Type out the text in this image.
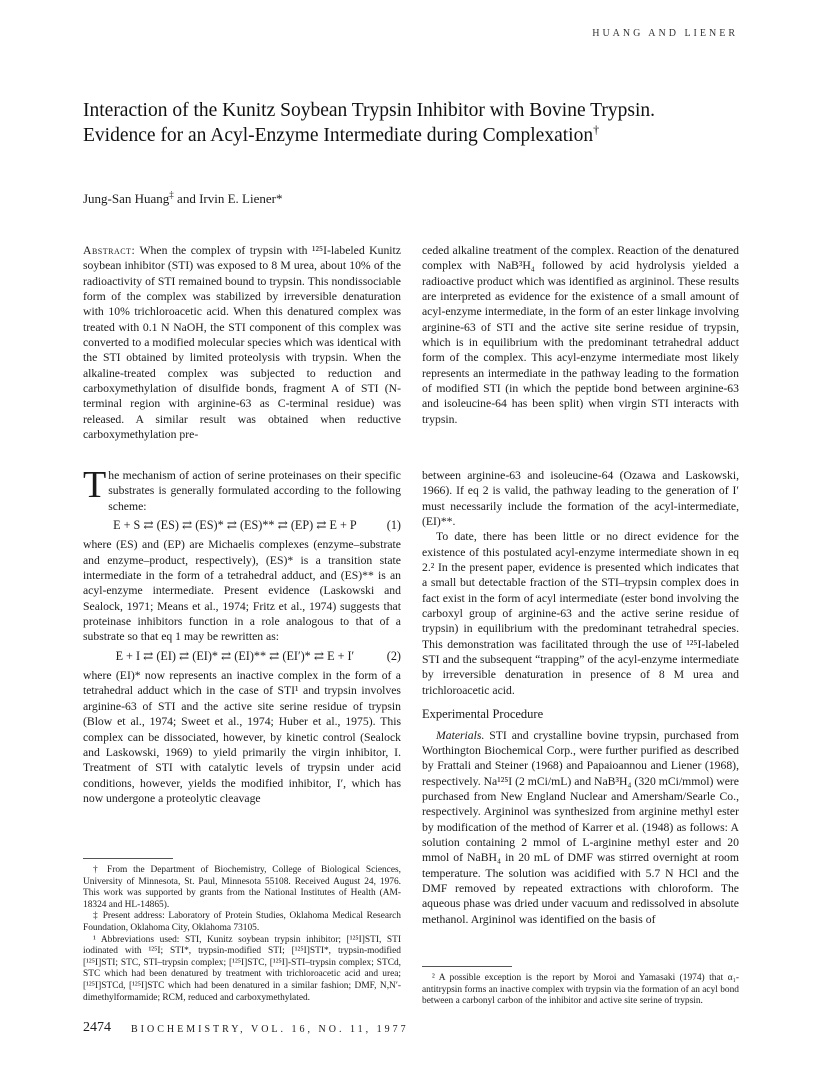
HUANG AND LIENER
Interaction of the Kunitz Soybean Trypsin Inhibitor with Bovine Trypsin. Evidence for an Acyl-Enzyme Intermediate during Complexation†
Jung-San Huang‡ and Irvin E. Liener*

Abstract: When the complex of trypsin with ¹²⁵I-labeled Kunitz soybean inhibitor (STI) was exposed to 8 M urea, about 10% of the radioactivity of STI remained bound to trypsin. This nondissociable form of the complex was stabilized by irreversible denaturation with 10% trichloroacetic acid. When this denatured complex was treated with 0.1 N NaOH, the STI component of this complex was converted to a modified molecular species which was identical with the STI obtained by limited proteolysis with trypsin. When the alkaline-treated complex was subjected to reduction and carboxymethylation of disulfide bonds, fragment A of STI (N-terminal region with arginine-63 as C-terminal residue) was released. A similar result was obtained when reductive carboxymethylation pre-

ceded alkaline treatment of the complex. Reaction of the denatured complex with NaB³H₄ followed by acid hydrolysis yielded a radioactive product which was identified as argininol. These results are interpreted as evidence for the existence of a small amount of acyl-enzyme intermediate, in the form of an ester linkage involving arginine-63 of STI and the active site serine residue of trypsin, which is in equilibrium with the predominant tetrahedral adduct form of the complex. This acyl-enzyme intermediate most likely represents an intermediate in the pathway leading to the formation of modified STI (in which the peptide bond between arginine-63 and isoleucine-64 has been split) when virgin STI interacts with trypsin.

The mechanism of action of serine proteinases on their specific substrates is generally formulated according to the following scheme:

E + S ⇄ (ES) ⇄ (ES)* ⇄ (ES)** ⇄ (EP) ⇄ E + P (1)

where (ES) and (EP) are Michaelis complexes (enzyme–substrate and enzyme–product, respectively), (ES)* is a transition state intermediate in the form of a tetrahedral adduct, and (ES)** is an acyl-enzyme intermediate. Present evidence (Laskowski and Sealock, 1971; Means et al., 1974; Fritz et al., 1974) suggests that proteinase inhibitors function in a role analogous to that of a substrate so that eq 1 may be rewritten as:

E + I ⇄ (EI) ⇄ (EI)* ⇄ (EI)** ⇄ (EI′)* ⇄ E + I′	(2)

where (EI)* now represents an inactive complex in the form of a tetrahedral adduct which in the case of STI¹ and trypsin involves arginine-63 of STI and the active site serine residue of trypsin (Blow et al., 1974; Sweet et al., 1974; Huber et al., 1975). This complex can be dissociated, however, by kinetic control (Sealock and Laskowski, 1969) to yield primarily the virgin inhibitor, I. Treatment of STI with catalytic levels of trypsin under acid conditions, however, yields the modified inhibitor, I′, which has now undergone a proteolytic cleavage

between arginine-63 and isoleucine-64 (Ozawa and Laskowski, 1966). If eq 2 is valid, the pathway leading to the generation of I′ must necessarily include the formation of the acyl-intermediate, (EI)**.

To date, there has been little or no direct evidence for the existence of this postulated acyl-enzyme intermediate shown in eq 2.² In the present paper, evidence is presented which indicates that a small but detectable fraction of the STI–trypsin complex does in fact exist in the form of acyl intermediate (ester bond involving the carboxyl group of arginine-63 and the active serine residue of trypsin) in equilibrium with the predominant tetrahedral species. This demonstration was facilitated through the use of ¹²⁵I-labeled STI and the subsequent “trapping” of the acyl-enzyme intermediate by irreversible denaturation in presence of 8 M urea and trichloroacetic acid.

Experimental Procedure

Materials. STI and crystalline bovine trypsin, purchased from Worthington Biochemical Corp., were further purified as described by Frattali and Steiner (1968) and Papaioannou and Liener (1968), respectively. Na¹²⁵I (2 mCi/mL) and NaB³H₄ (320 mCi/mmol) were purchased from New England Nuclear and Amersham/Searle Co., respectively. Argininol was synthesized from arginine methyl ester by modification of the method of Karrer et al. (1948) as follows: A solution containing 2 mmol of L-arginine methyl ester and 20 mmol of NaBH₄ in 20 mL of DMF was stirred overnight at room temperature. The solution was acidified with 5.7 N HCl and the DMF removed by repeated extractions with chloroform. The aqueous phase was dried under vacuum and redissolved in absolute methanol. Argininol was identified on the basis of

† From the Department of Biochemistry, College of Biological Sciences, University of Minnesota, St. Paul, Minnesota 55108. Received August 24, 1976. This work was supported by grants from the National Institutes of Health (AM-18324 and HL-14865).

‡ Present address: Laboratory of Protein Studies, Oklahoma Medical Research Foundation, Oklahoma City, Oklahoma 73105.

¹ Abbreviations used: STI, Kunitz soybean trypsin inhibitor; [¹²⁵I]STI, STI iodinated with ¹²⁵I; STI*, trypsin-modified STI; [¹²⁵I]STI*, trypsin-modified [¹²⁵I]STI; STC, STI–trypsin complex; [¹²⁵I]STC, [¹²⁵I]-STI–trypsin complex; STCd, STC which had been denatured by treatment with trichloroacetic acid and urea; [¹²⁵I]STCd, [¹²⁵I]STC which had been denatured in a similar fashion; DMF, N,N′-dimethylformamide; RCM, reduced and carboxymethylated.

² A possible exception is the report by Moroi and Yamasaki (1974) that α₁-antitrypsin forms an inactive complex with trypsin via the formation of an acyl bond between a carbonyl carbon of the inhibitor and active site serine of trypsin.

2474 BIOCHEMISTRY, VOL. 16, NO. 11, 1977
